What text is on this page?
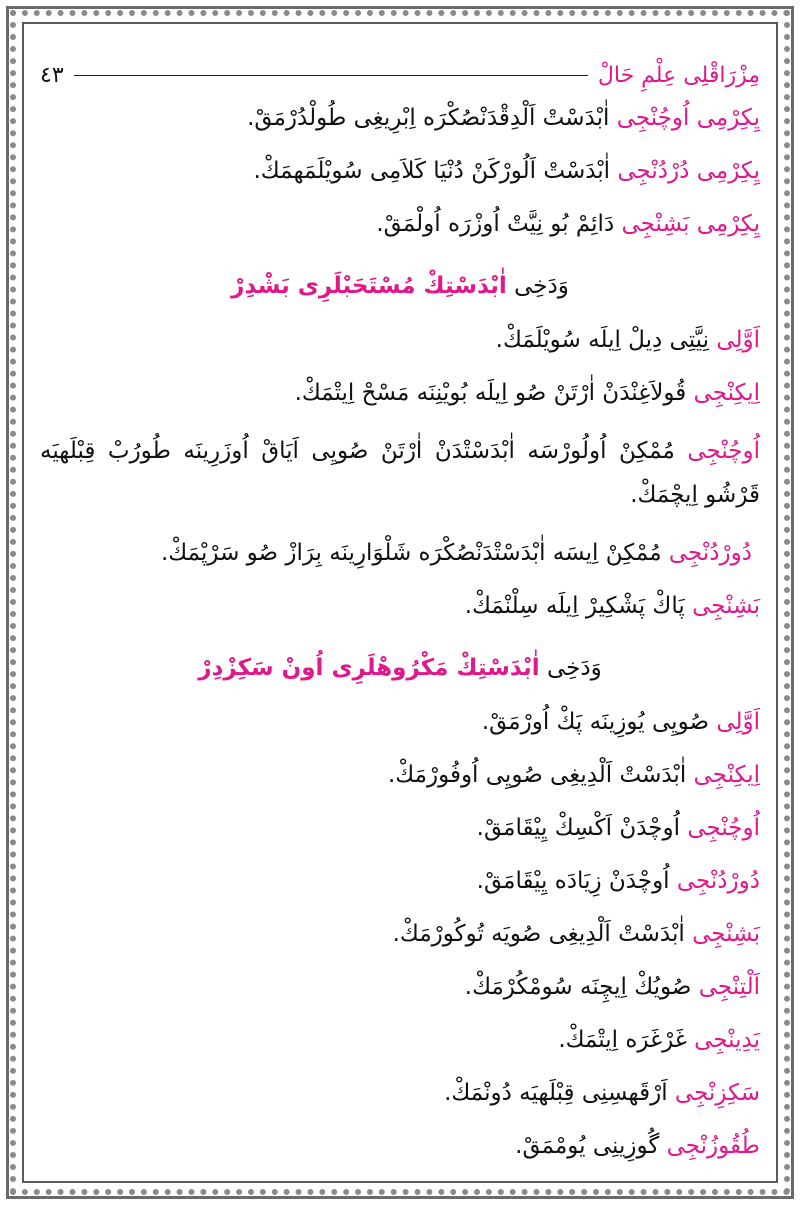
مِزْرَاقْلِى عِلْمِ حَالْ
٤٣
يِكِرْمِى اُوچُنْجِى اٰبْدَسْتْ اَلْدِقْدَنْصُكْرَه اِبْرِيغِى طُولْدُرْمَقْ.
يِكِرْمِى دُرْدُنْجِى اٰبْدَسْتْ اَلُورْكَنْ دُنْيَا كَلاَمِى سُويْلَمَهمَكْ.
يِكِرْمِى بَشِنْجِى دَائِمْ بُو نِيَّتْ اُوزْرَه اُولْمَقْ.
وَدَخِى اٰبْدَسْتِكْ مُسْتَحَبْلَرِى بَشْدِرْ
اَوَّلِى نِيَّتِى دِيلْ اِيلَه سُويْلَمَكْ.
اِيكِنْجِى قُولاَغِنْدَنْ اٰرْتَنْ صُو اِيلَه بُويْنِنَه مَسْحْ اِيتْمَكْ.
اُوچُنْجِى مُمْكِنْ اُولُورْسَه اٰبْدَسْتْدَنْ اٰرْتَنْ صُويِى اَيَاقْ اُوزَرِينَه طُورُبْ قِبْلَهيَه قَرْشُو اِيچْمَكْ.
دُورْدُنْجِى مُمْكِنْ اِيسَه اٰبْدَسْتْدَنْصُكْرَه شَلْوَارِينَه بِرَازْ صُو سَرْپْمَكْ.
بَشِنْجِى پَاكْ پَشْكِيرْ اِيلَه سِلْنْمَكْ.
وَدَخِى اٰبْدَسْتِكْ مَكْرُوهْلَرِى اُونْ سَكِزْدِرْ
اَوَّلِى صُويِى يُوزِينَه پَكْ اُورْمَقْ.
اِيكِنْجِى اٰبْدَسْتْ اَلْدِيغِى صُويِى اُوفُورْمَكْ.
اُوچُنْجِى اُوچْدَنْ اَكْسِكْ يِيْقَامَقْ.
دُورْدُنْجِى اُوچْدَنْ زِيَادَه يِيْقَامَقْ.
بَشِنْجِى اٰبْدَسْتْ اَلْدِيغِى صُويَه تُوكُورْمَكْ.
اَلْتِنْجِى صُويُكْ اِيچِنَه سُومْكُرْمَكْ.
يَدِينْجِى غَرْغَرَه اِيتْمَكْ.
سَكِزِنْجِى اَرْقَهسِنِى قِبْلَهيَه دُونْمَكْ.
طُقُوزُنْجِى گُوزِينِى يُومْمَقْ.
